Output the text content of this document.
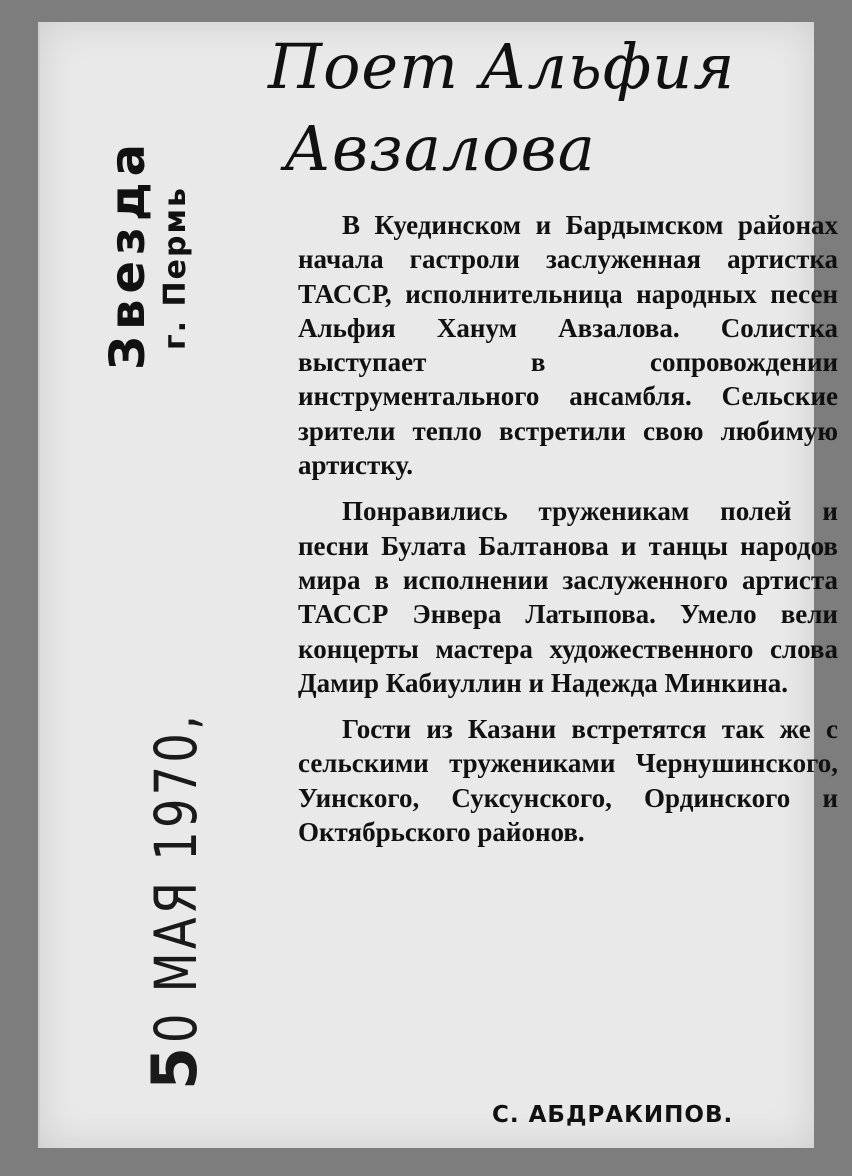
Поет Альфия
Авзалова
Звезда г. Пермь
50 МАЯ 1970,

В Куединском и Бардымском районах начала гастроли заслуженная артистка ТАССР, исполнительница народных песен Альфия Ханум Авзалова. Солистка выступает в сопровождении инструментального ансамбля. Сельские зрители тепло встретили свою любимую артистку.

Понравились труженикам полей и песни Булата Балтанова и танцы народов мира в исполнении заслуженного артиста ТАССР Энвера Латыпова. Умело вели концерты мастера художественного слова Дамир Кабиуллин и Надежда Минкина.

Гости из Казани встретятся так же с сельскими тружениками Чернушинского, Уинского, Суксунского, Ординского и Октябрьского районов.

С. АБДРАКИПОВ.
